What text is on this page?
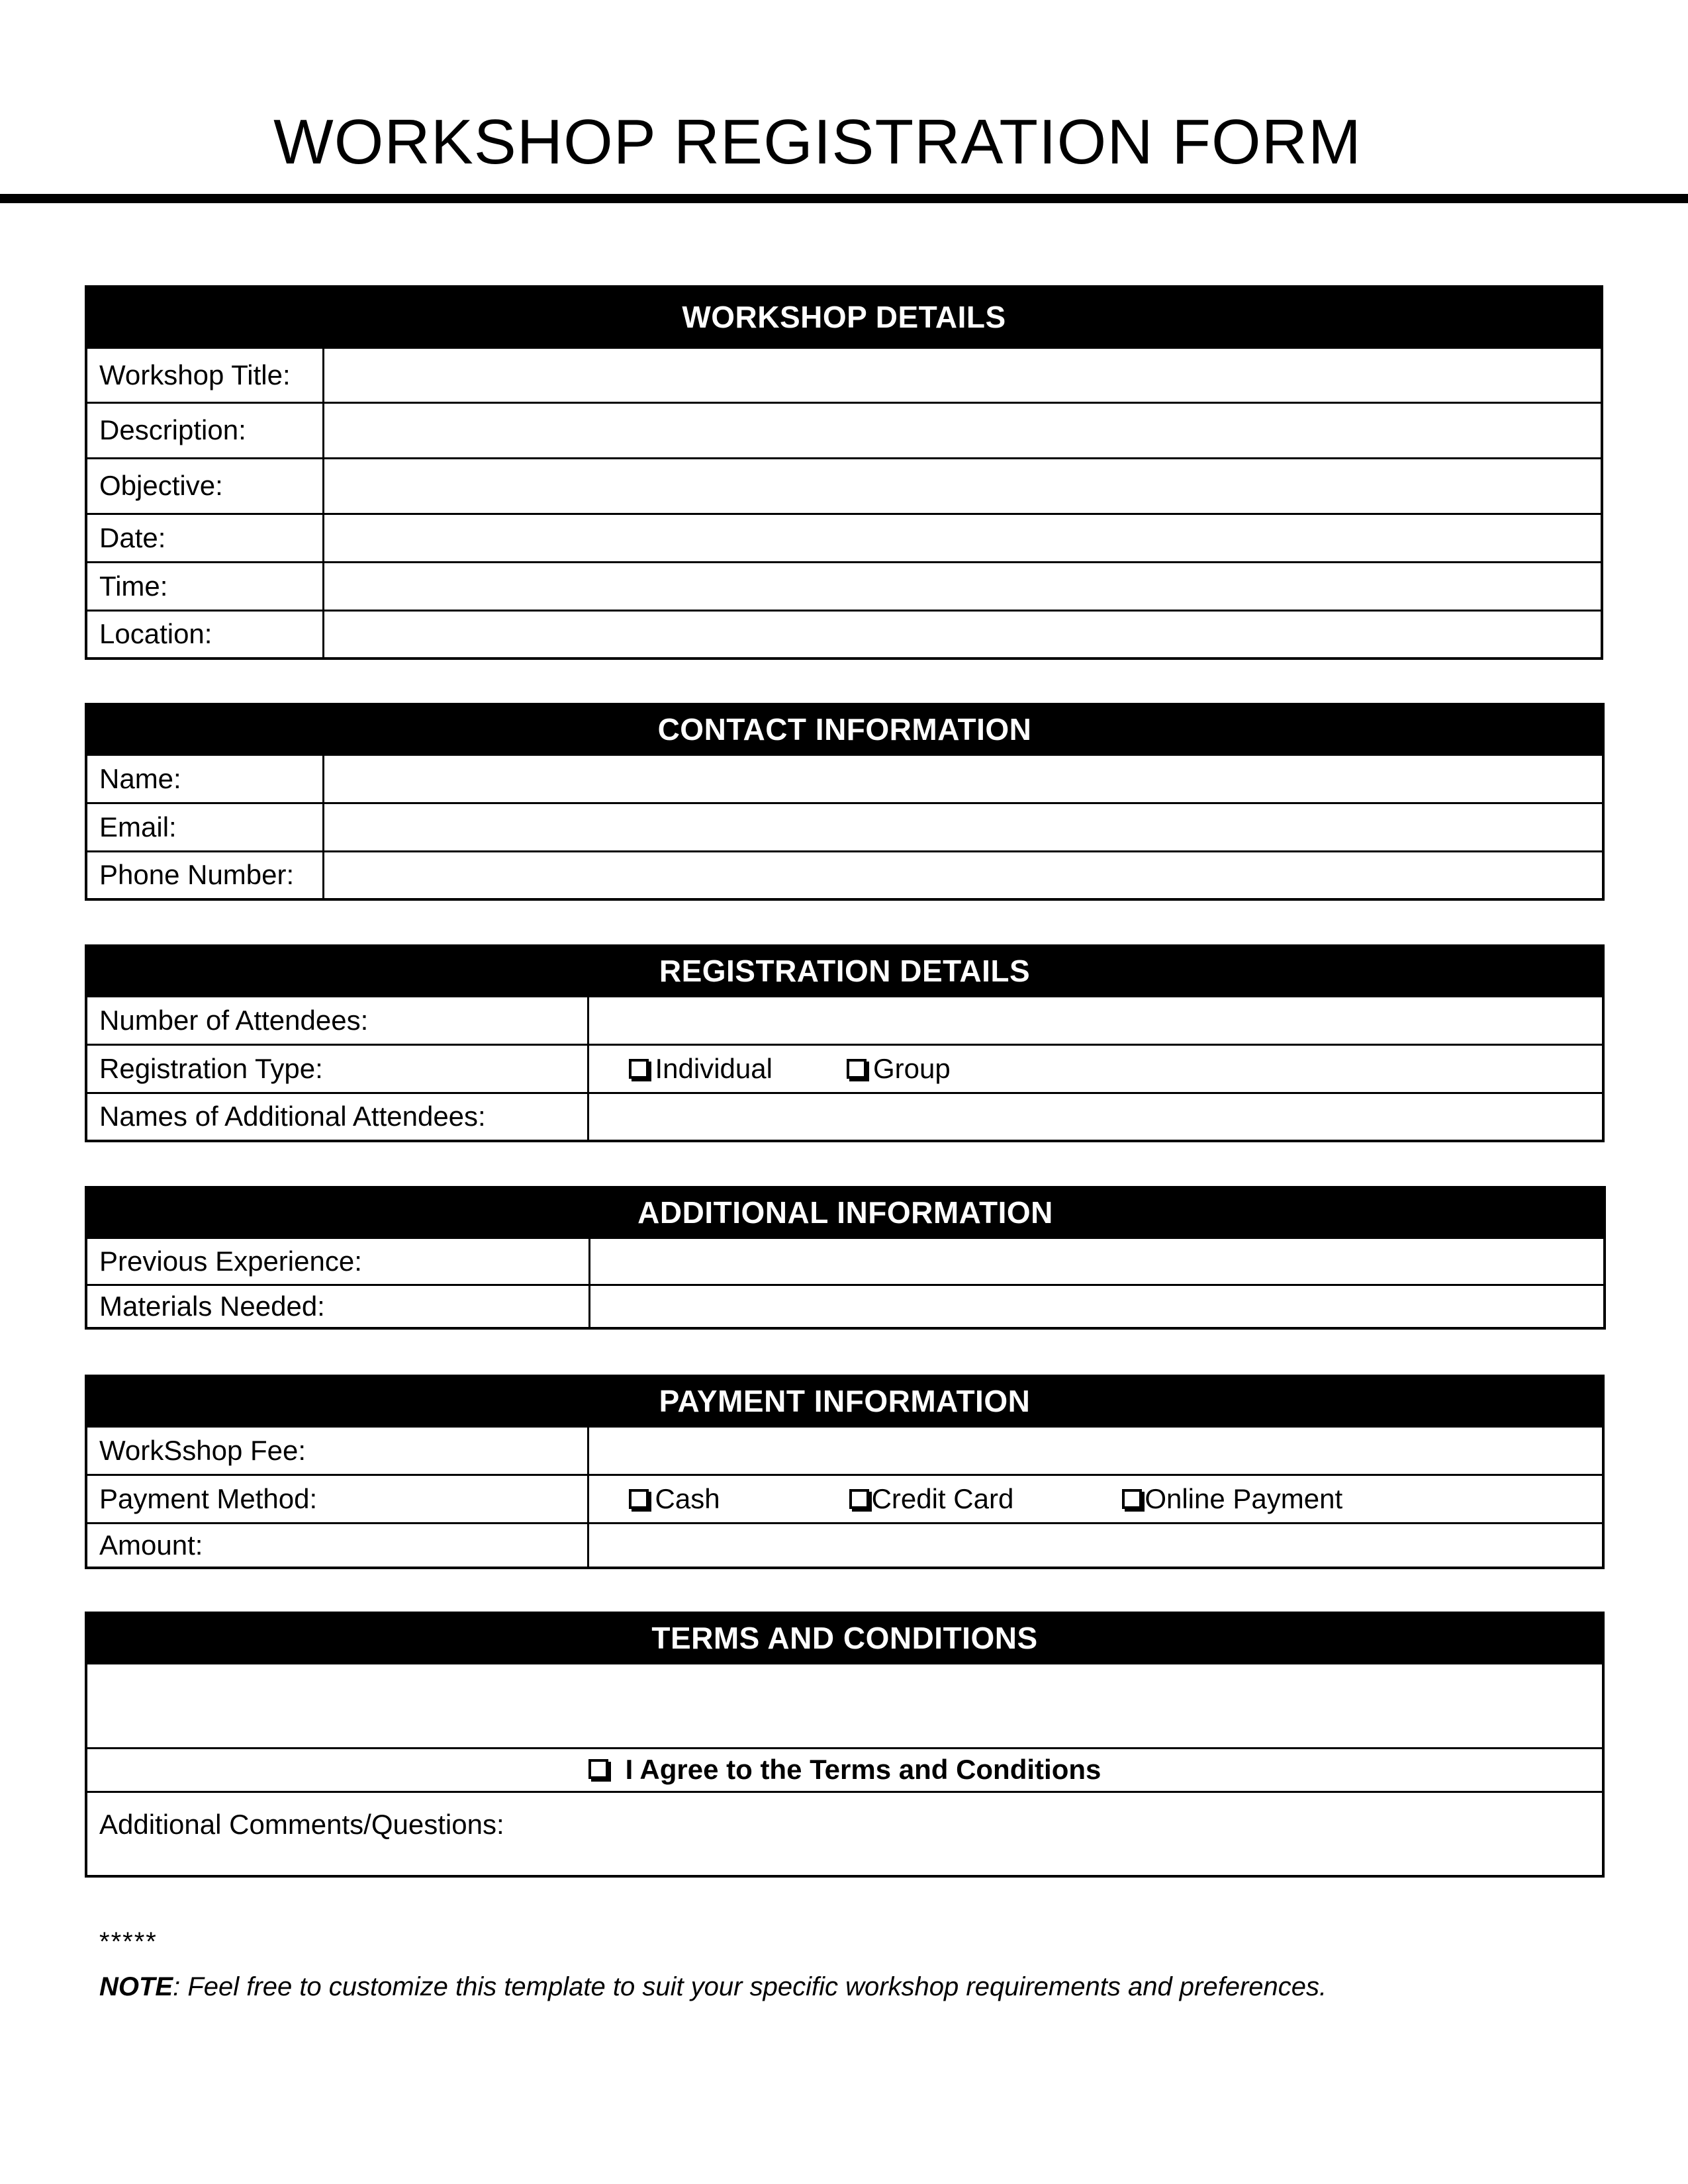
WORKSHOP REGISTRATION FORM
WORKSHOP DETAILS	
Workshop Title:	
Description:	
Objective:	
Date:	
Time:	
Location:	
CONTACT INFORMATION	
Name:	
Email:	
Phone Number:	
REGISTRATION DETAILS	
Number of Attendees:	
Registration Type:	Individual Group

Names of Additional Attendees:	
ADDITIONAL INFORMATION	
Previous Experience:	
Materials Needed:	
PAYMENT INFORMATION	
WorkSshop Fee:	
Payment Method:	Cash Credit Card Online Payment

Amount:	
TERMS AND CONDITIONS

I Agree to the Terms and Conditions
Additional Comments/Questions:
*****
NOTE: Feel free to customize this template to suit your specific workshop requirements and preferences.
